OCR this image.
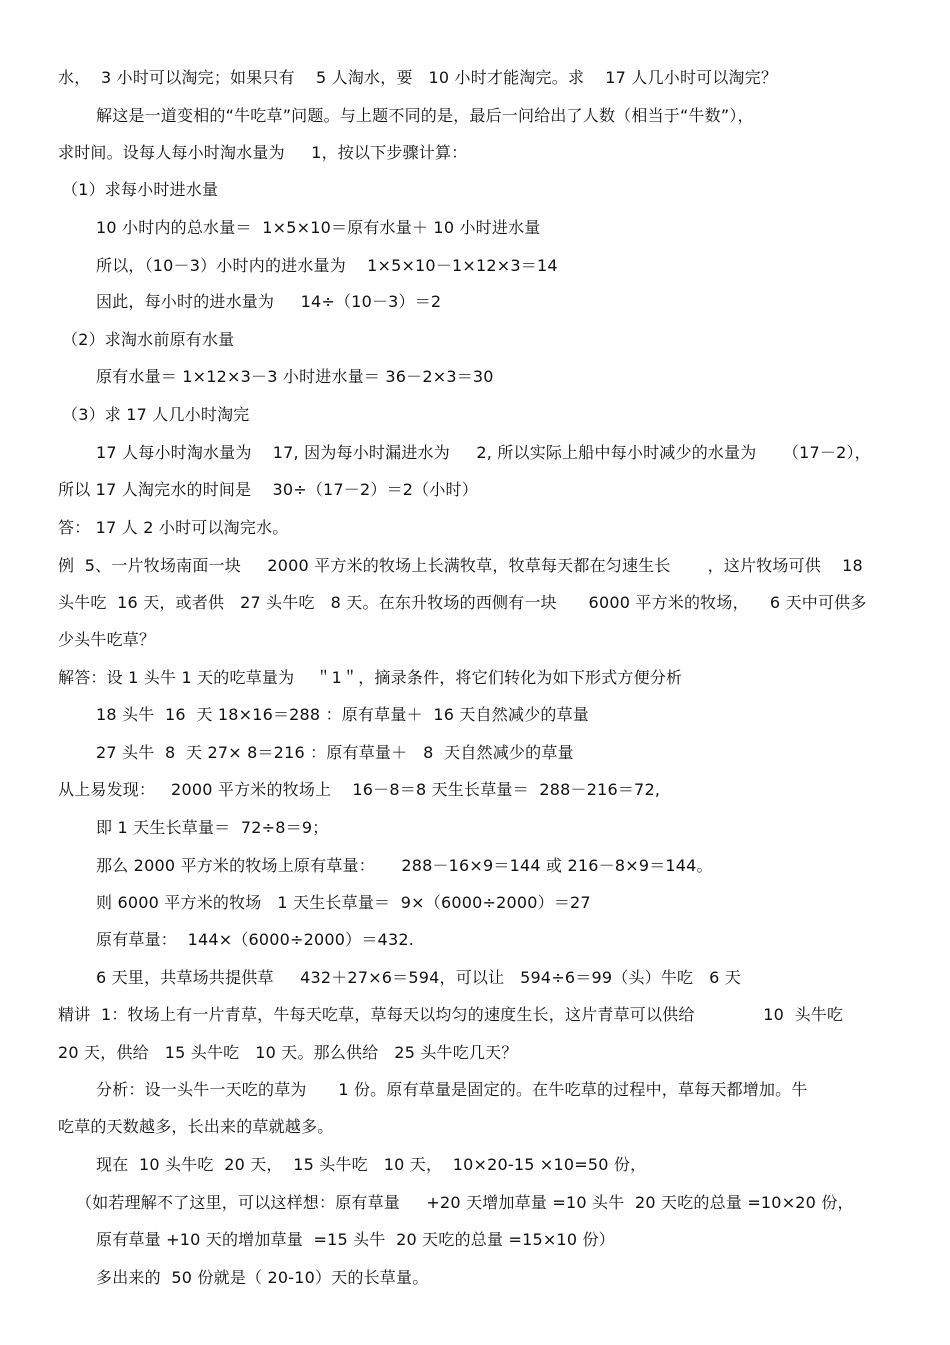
水，  3 小时可以淘完；如果只有    5 人淘水，要   10 小时才能淘完。求    17 人几小时可以淘完？
解这是一道变相的“牛吃草”问题。与上题不同的是，最后一问给出了人数（相当于“牛数”），
求时间。设每人每小时淘水量为     1，按以下步骤计算：
（1）求每小时进水量
10 小时内的总水量＝  1×5×10＝原有水量＋ 10 小时进水量
所以，（10－3）小时内的进水量为    1×5×10－1×12×3＝14
因此，每小时的进水量为     14÷（10－3）＝2
（2）求淘水前原有水量
原有水量＝ 1×12×3－3 小时进水量＝ 36－2×3＝30
（3）求 17 人几小时淘完
17 人每小时淘水量为    17, 因为每小时漏进水为     2, 所以实际上船中每小时减少的水量为     （17－2），
所以 17 人淘完水的时间是    30÷（17－2）＝2（小时）
答： 17 人 2 小时可以淘完水。
例  5、一片牧场南面一块     2000 平方米的牧场上长满牧草，牧草每天都在匀速生长       ，这片牧场可供    18
头牛吃  16 天，或者供   27 头牛吃   8 天。在东升牧场的西侧有一块      6000 平方米的牧场，    6 天中可供多
少头牛吃草？
解答：设 1 头牛 1 天的吃草量为    ＂1＂，摘录条件，将它们转化为如下形式方便分析
18 头牛  16  天 18×16＝288 ：原有草量＋  16 天自然减少的草量
27 头牛  8  天 27× 8＝216 ：原有草量＋   8  天自然减少的草量
从上易发现：   2000 平方米的牧场上    16－8＝8 天生长草量＝  288－216＝72,
即 1 天生长草量＝  72÷8＝9；
那么 2000 平方米的牧场上原有草量：     288－16×9＝144 或 216－8×9＝144。
则 6000 平方米的牧场   1 天生长草量＝  9×（6000÷2000）＝27
原有草量：  144×（6000÷2000）＝432.
6 天里，共草场共提供草     432＋27×6＝594，可以让   594÷6＝99（头）牛吃   6 天
精讲  1：牧场上有一片青草，牛每天吃草，草每天以均匀的速度生长，这片青草可以供给             10  头牛吃
20 天，供给   15 头牛吃   10 天。那么供给   25 头牛吃几天？
分析：设一头牛一天吃的草为      1 份。原有草量是固定的。在牛吃草的过程中，草每天都增加。牛
吃草的天数越多，长出来的草就越多。
现在  10 头牛吃  20 天，  15 头牛吃   10 天，  10×20-15 ×10=50 份，
（如若理解不了这里，可以这样想：原有草量     +20 天增加草量 =10 头牛  20 天吃的总量 =10×20 份，
原有草量 +10 天的增加草量  =15 头牛  20 天吃的总量 =15×10 份）
多出来的  50 份就是（ 20-10）天的长草量。
